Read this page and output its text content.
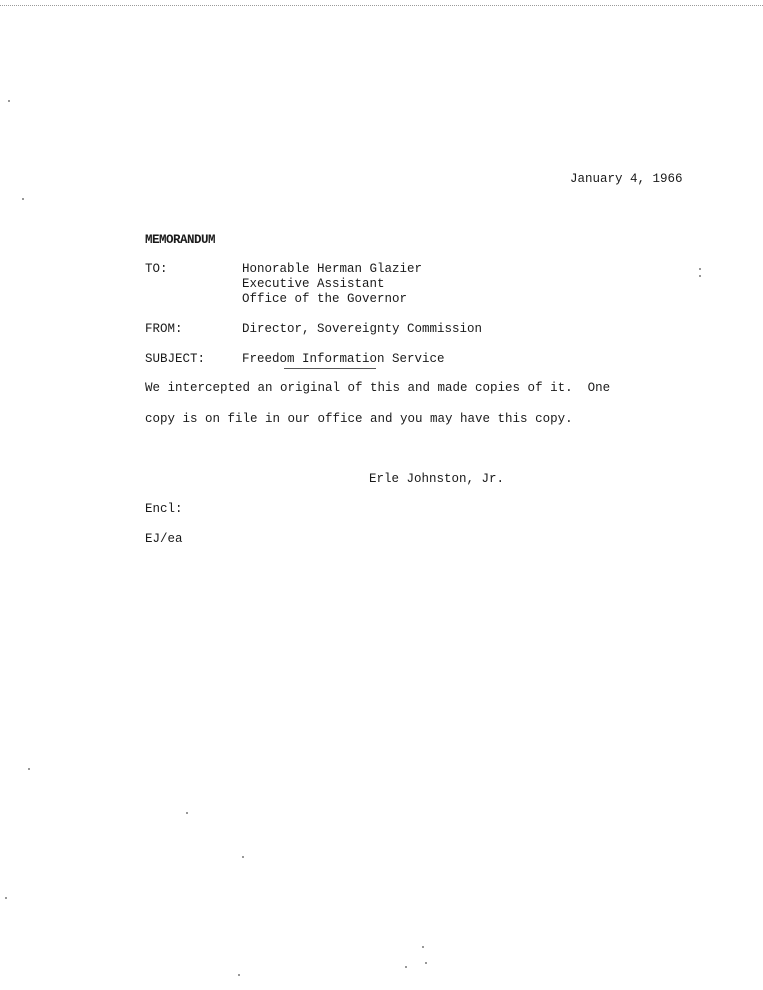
January 4, 1966
MEMORANDUM
TO:	Honorable Herman Glazier
Executive Assistant
Office of the Governor
FROM:	Director, Sovereignty Commission
SUBJECT:	Freedom Information Service
We intercepted an original of this and made copies of it.  One
copy is on file in our office and you may have this copy.
Erle Johnston, Jr.
Encl:
EJ/ea
